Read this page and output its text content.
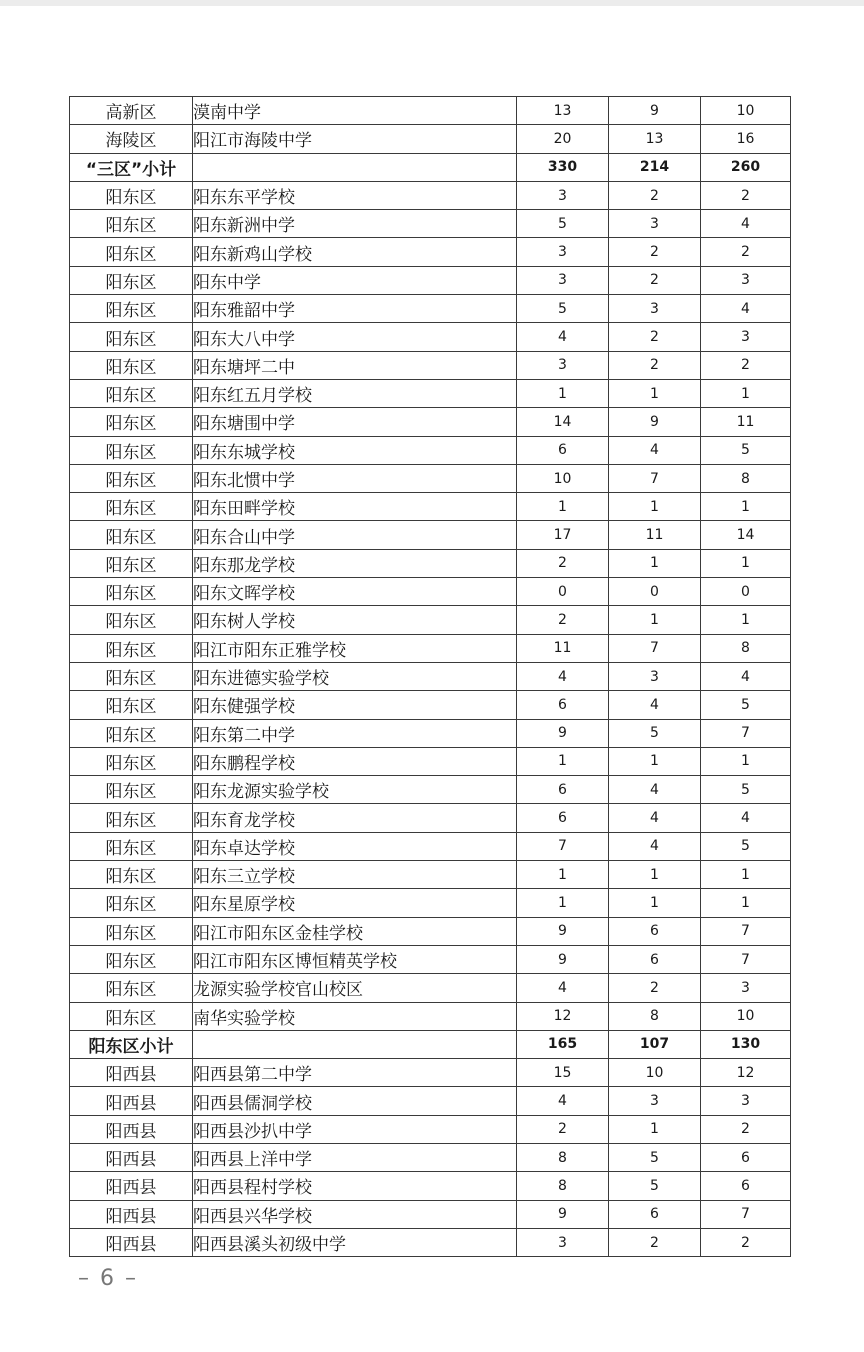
高新区	漠南中学	13	9	10
海陵区	阳江市海陵中学	20	13	16
“三区”小计		330	214	260
阳东区	阳东东平学校	3	2	2
阳东区	阳东新洲中学	5	3	4
阳东区	阳东新鸡山学校	3	2	2
阳东区	阳东中学	3	2	3
阳东区	阳东雅韶中学	5	3	4
阳东区	阳东大八中学	4	2	3
阳东区	阳东塘坪二中	3	2	2
阳东区	阳东红五月学校	1	1	1
阳东区	阳东塘围中学	14	9	11
阳东区	阳东东城学校	6	4	5
阳东区	阳东北惯中学	10	7	8
阳东区	阳东田畔学校	1	1	1
阳东区	阳东合山中学	17	11	14
阳东区	阳东那龙学校	2	1	1
阳东区	阳东文晖学校	0	0	0
阳东区	阳东树人学校	2	1	1
阳东区	阳江市阳东正雅学校	11	7	8
阳东区	阳东进德实验学校	4	3	4
阳东区	阳东健强学校	6	4	5
阳东区	阳东第二中学	9	5	7
阳东区	阳东鹏程学校	1	1	1
阳东区	阳东龙源实验学校	6	4	5
阳东区	阳东育龙学校	6	4	4
阳东区	阳东卓达学校	7	4	5
阳东区	阳东三立学校	1	1	1
阳东区	阳东星原学校	1	1	1
阳东区	阳江市阳东区金桂学校	9	6	7
阳东区	阳江市阳东区博恒精英学校	9	6	7
阳东区	龙源实验学校官山校区	4	2	3
阳东区	南华实验学校	12	8	10
阳东区小计		165	107	130
阳西县	阳西县第二中学	15	10	12
阳西县	阳西县儒洞学校	4	3	3
阳西县	阳西县沙扒中学	2	1	2
阳西县	阳西县上洋中学	8	5	6
阳西县	阳西县程村学校	8	5	6
阳西县	阳西县兴华学校	9	6	7
阳西县	阳西县溪头初级中学	3	2	2
– 6 –
